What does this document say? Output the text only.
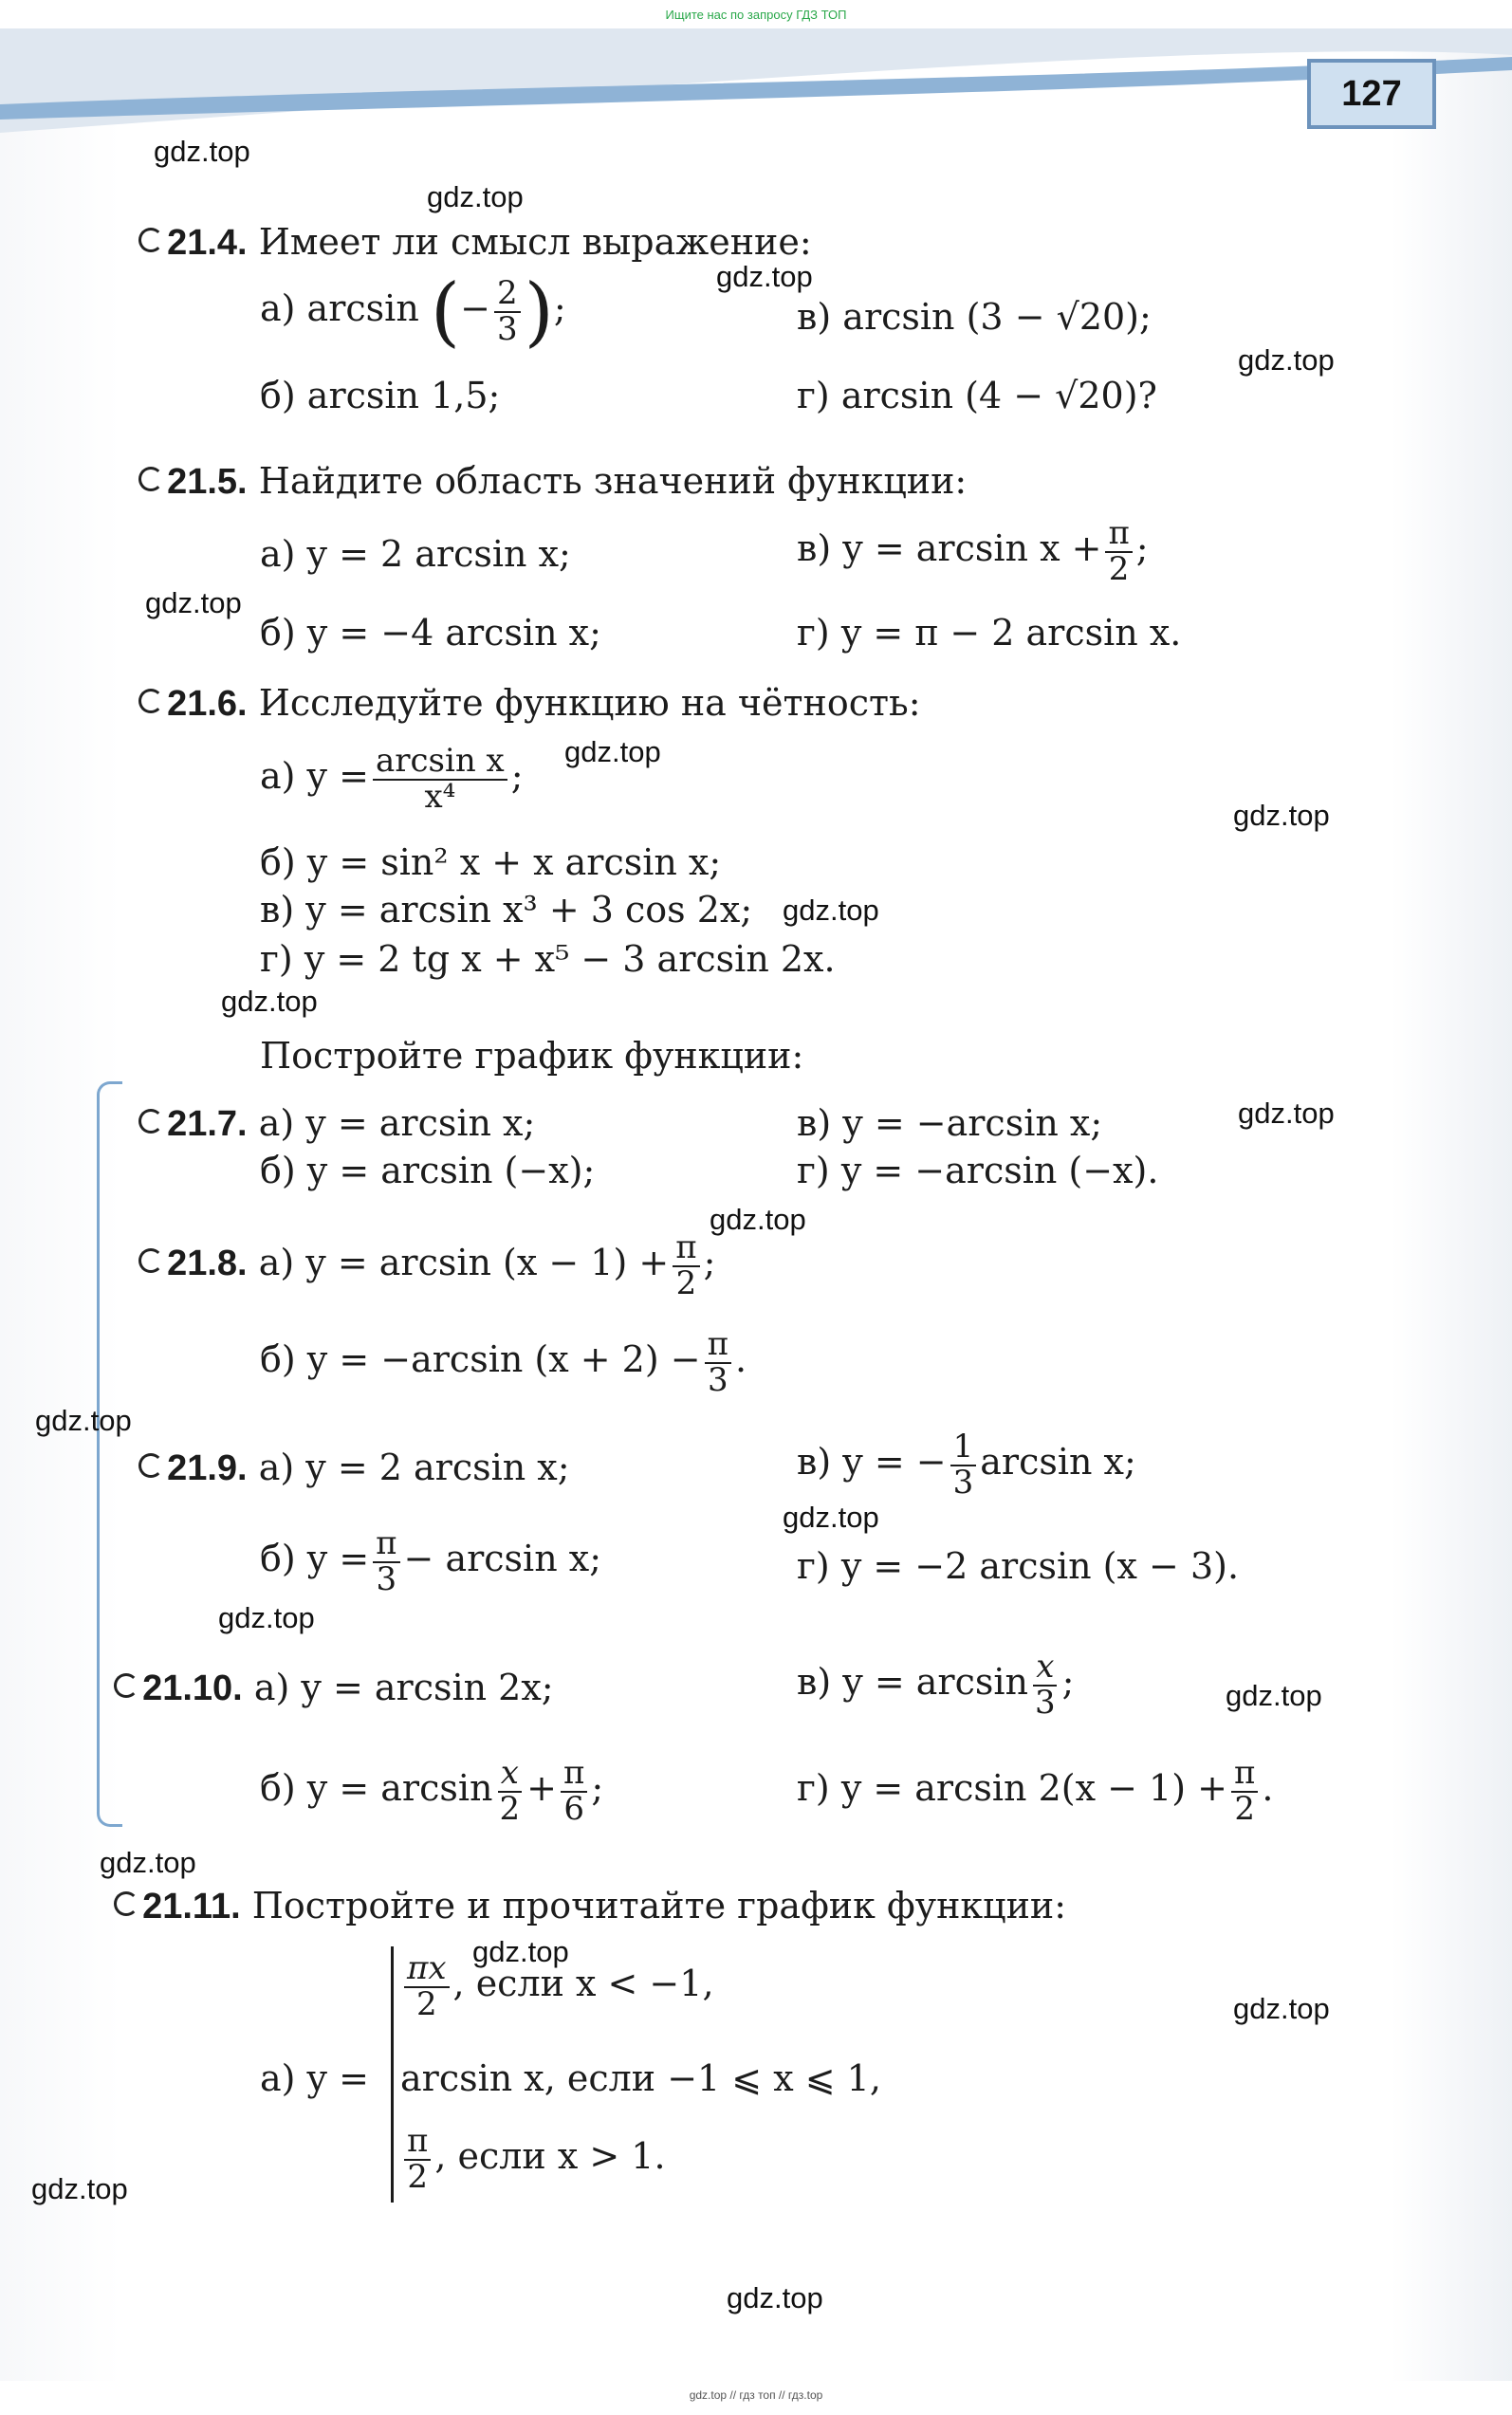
Ищите нас по запросу ГДЗ ТОП
127
21.4. Имеет ли смысл выражение:
а) arcsin (− $\frac{2}{3}$ );	в) arcsin (3 − √20);
б) arcsin 1,5;	г) arcsin (4 − √20)?
21.5. Найдите область значений функции:
а) y = 2 arcsin x;	в) $y = \arcsin x + \frac{\pi}{2}$ ;
б) y = −4 arcsin x;	г) y = π − 2 arcsin x.
21.6. Исследуйте функцию на чётность:
а) $y = \frac{\text{arcsin x}}{\text{x⁴}}$ ;
б) y = sin² x + x arcsin x;
в) y = arcsin x³ + 3 cos 2x;
г) y = 2 tg x + x⁵ − 3 arcsin 2x.
Постройте график функции:
21.7. а) y = arcsin x;	в) y = −arcsin x;
б) y = arcsin (−x);	г) y = −arcsin (−x).
21.8. а) $y = \arcsin (x - 1) + \frac{\pi}{2}$ ;
б) y = −arcsin $(x + 2) - \frac{\pi}{3}$ .
21.9. а) y = 2 arcsin x;	в) y = − $\frac{1}{3}$ arcsin x;
б) $y = \frac{\pi}{3} - \arcsin x$;	г) y = −2 arcsin (x − 3).
21.10. а) y = arcsin 2x;	в) $y = \arcsin \frac{x}{3}$ ;
б) $y = \arcsin \frac{x}{2} + \frac{\pi}{6}$ ;	г) $y = \arcsin 2(x - 1) + \frac{\pi}{2}$ .
21.11. Постройте и прочитайте график функции:
а) y =
$\frac{\pi x}{2}$ , если x < −1,
arcsin x, если −1 ⩽ x ⩽ 1,
$\frac{\pi}{2}$ , если x > 1.
gdz.top
gdz.top
gdz.top
gdz.top
gdz.top
gdz.top
gdz.top
gdz.top
gdz.top
gdz.top
gdz.top
gdz.top
gdz.top
gdz.top
gdz.top
gdz.top
gdz.top
gdz.top
gdz.top
gdz.top
gdz.top // гдз топ // гдз.top
